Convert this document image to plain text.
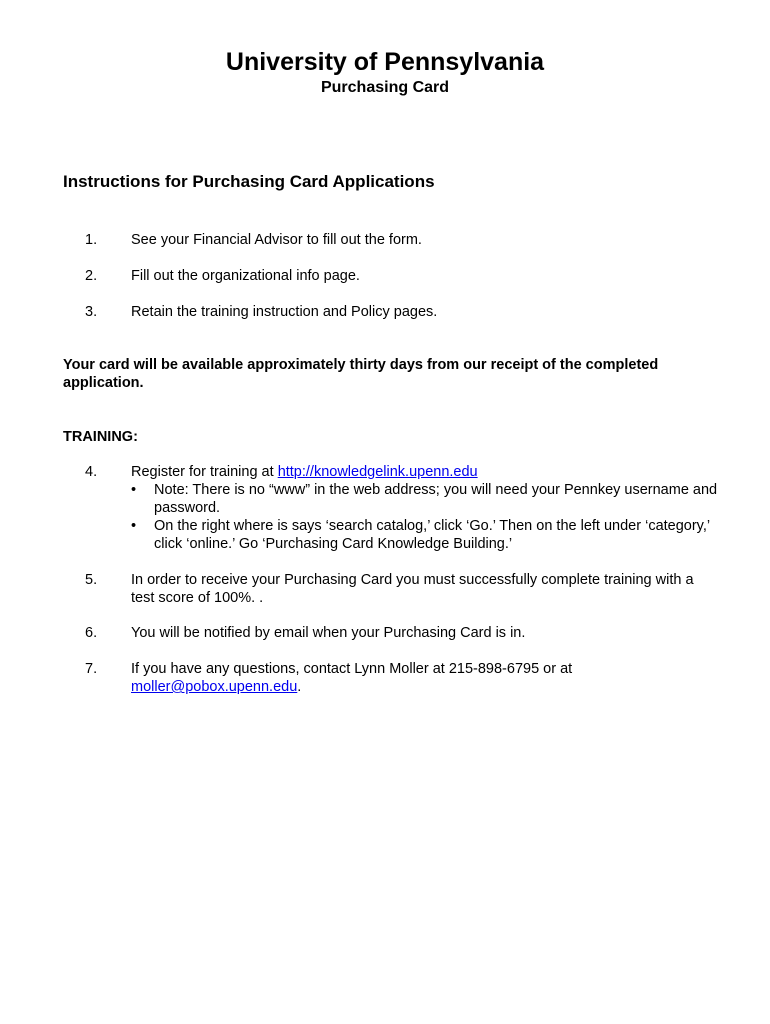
University of Pennsylvania
Purchasing Card
Instructions for Purchasing Card Applications
1. See your Financial Advisor to fill out the form.
2. Fill out the organizational info page.
3. Retain the training instruction and Policy pages.
Your card will be available approximately thirty days from our receipt of the completed application.
TRAINING:
4. Register for training at http://knowledgelink.upenn.edu
• Note: There is no “www” in the web address; you will need your Pennkey username and password.
• On the right where is says ‘search catalog,’ click ‘Go.’ Then on the left under ‘category,’ click ‘online.’ Go ‘Purchasing Card Knowledge Building.’
5. In order to receive your Purchasing Card you must successfully complete training with a test score of 100%. .
6. You will be notified by email when your Purchasing Card is in.
7. If you have any questions, contact Lynn Moller at 215-898-6795 or at moller@pobox.upenn.edu.
